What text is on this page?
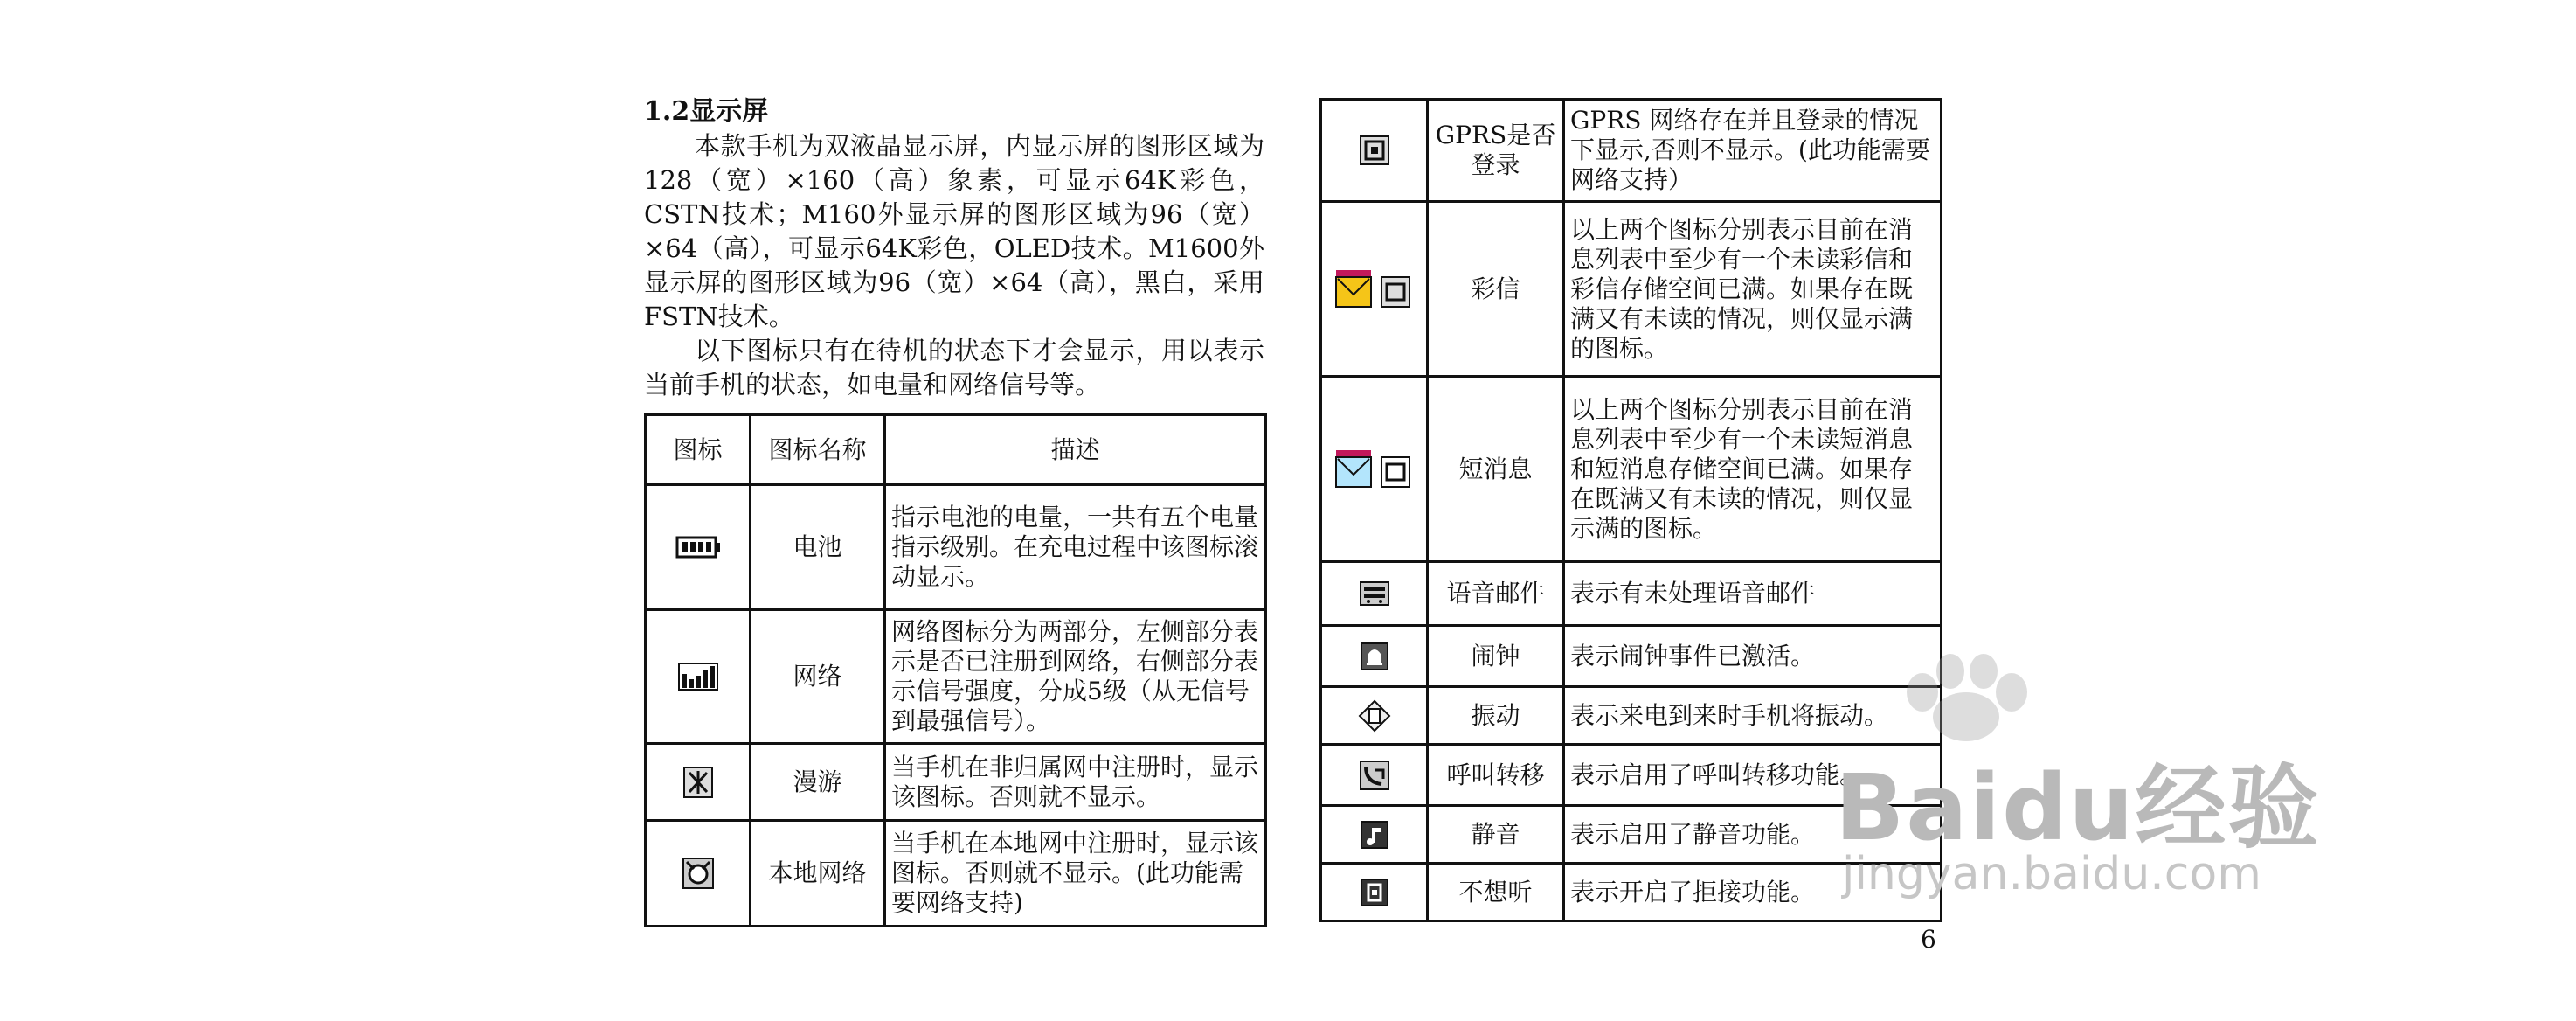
1.2显示屏

本款手机为双液晶显示屏，内显示屏的图形区域为128（宽）×160（高）象素，可显示64K彩色，CSTN技术；M160外显示屏的图形区域为96（宽）×64（高），可显示64K彩色，OLED技术。M1600外显示屏的图形区域为96（宽）×64（高），黑白，采用FSTN技术。

以下图标只有在待机的状态下才会显示，用以表示当前手机的状态，如电量和网络信号等。

图标	图标名称	描述

	电池	指示电池的电量，一共有五个电量指示级别。在充电过程中该图标滚动显示。

	网络	网络图标分为两部分，左侧部分表示是否已注册到网络，右侧部分表示信号强度，分成5级（从无信号到最强信号）。

	漫游	当手机在非归属网中注册时，显示该图标。否则就不显示。

	本地网络	当手机在本地网中注册时，显示该图标。否则就不显示。(此功能需要网络支持)
	GPRS是否登录	GPRS 网络存在并且登录的情况下显示,否则不显示。(此功能需要网络支持）

	彩信	以上两个图标分别表示目前在消息列表中至少有一个未读彩信和彩信存储空间已满。如果存在既满又有未读的情况，则仅显示满的图标。

	短消息	以上两个图标分别表示目前在消息列表中至少有一个未读短消息和短消息存储空间已满。如果存在既满又有未读的情况，则仅显示满的图标。

	语音邮件	表示有未处理语音邮件

	闹钟	表示闹钟事件已激活。

	振动	表示来电到来时手机将振动。

	呼叫转移	表示启用了呼叫转移功能。

	静音	表示启用了静音功能。

	不想听	表示开启了拒接功能。
6
Baidu经验
jingyan.baidu.com
